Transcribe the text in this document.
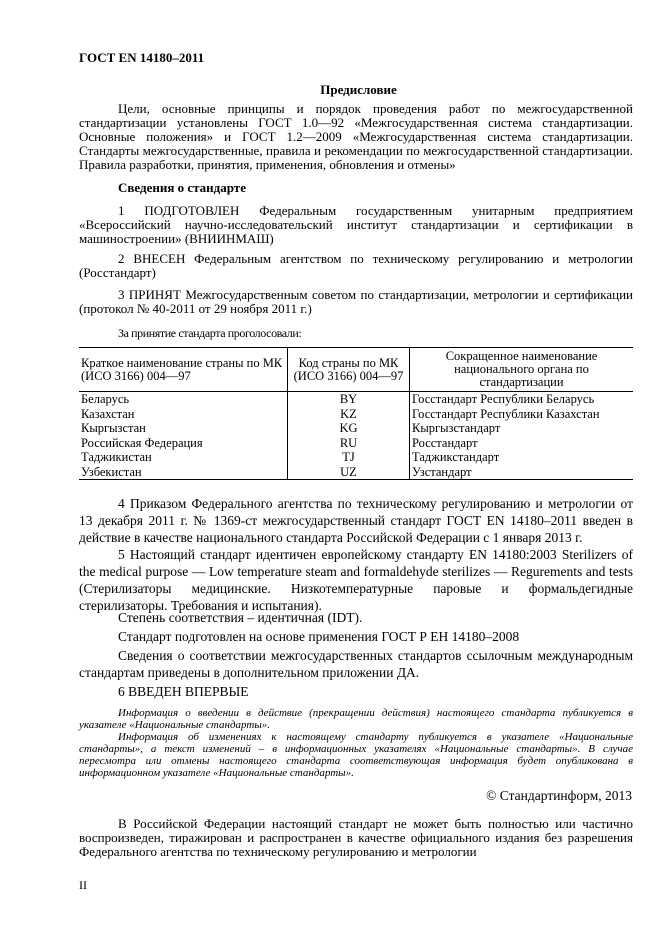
ГОСТ EN 14180–2011
Предисловие
Цели, основные принципы и порядок проведения работ по межгосударственной стандартизации установлены ГОСТ 1.0—92 «Межгосударственная система стандартизации. Основные положения» и ГОСТ 1.2—2009 «Межгосударственная система стандартизации. Стандарты межгосударственные, правила и рекомендации по межгосударственной стандартизации. Правила разработки, принятия, применения, обновления и отмены»
Сведения о стандарте
1 ПОДГОТОВЛЕН Федеральным государственным унитарным предприятием «Всероссийский научно-исследовательский институт стандартизации и сертификации в машиностроении» (ВНИИНМАШ)
2 ВНЕСЕН Федеральным агентством по техническому регулированию и метрологии (Росстандарт)
3 ПРИНЯТ Межгосударственным советом по стандартизации, метрологии и сертификации (протокол № 40-2011 от 29 ноября 2011 г.)
За принятие стандарта проголосовали:
Краткое наименование страны по МК (ИСО 3166) 004—97	Код страны по МК (ИСО 3166) 004—97	Сокращенное наименование национального органа по стандартизации
Беларусь	BY	Госстандарт Республики Беларусь
Казахстан	KZ	Госстандарт Республики Казахстан
Кыргызстан	KG	Кыргызстандарт
Российская Федерация	RU	Росстандарт
Таджикистан	TJ	Таджикстандарт
Узбекистан	UZ	Узстандарт
4 Приказом Федерального агентства по техническому регулированию и метрологии от 13 декабря 2011 г. № 1369-ст межгосударственный стандарт ГОСТ EN 14180–2011 введен в действие в качестве национального стандарта Российской Федерации с 1 января 2013 г.
5 Настоящий стандарт идентичен европейскому стандарту EN 14180:2003 Sterilizers of the medical purpose — Low temperature steam and formaldehyde sterilizes — Regurements and tests (Стерилизаторы медицинские. Низкотемпературные паровые и формальдегидные стерилизаторы. Требования и испытания).
Степень соответствия – идентичная (IDT).
Стандарт подготовлен на основе применения ГОСТ Р ЕН 14180–2008
Сведения о соответствии межгосударственных стандартов ссылочным международным стандартам приведены в дополнительном приложении ДА.
6 ВВЕДЕН ВПЕРВЫЕ
Информация о введении в действие (прекращении действия) настоящего стандарта публикуется в указателе «Национальные стандарты».
Информация об изменениях к настоящему стандарту публикуется в указателе «Национальные стандарты», а текст изменений – в информационных указателях «Национальные стандарты». В случае пересмотра или отмены настоящего стандарта соответствующая информация будет опубликована в информационном указателе «Национальные стандарты».
© Стандартинформ, 2013
В Российской Федерации настоящий стандарт не может быть полностью или частично воспроизведен, тиражирован и распространен в качестве официального издания без разрешения Федерального агентства по техническому регулированию и метрологии
II
